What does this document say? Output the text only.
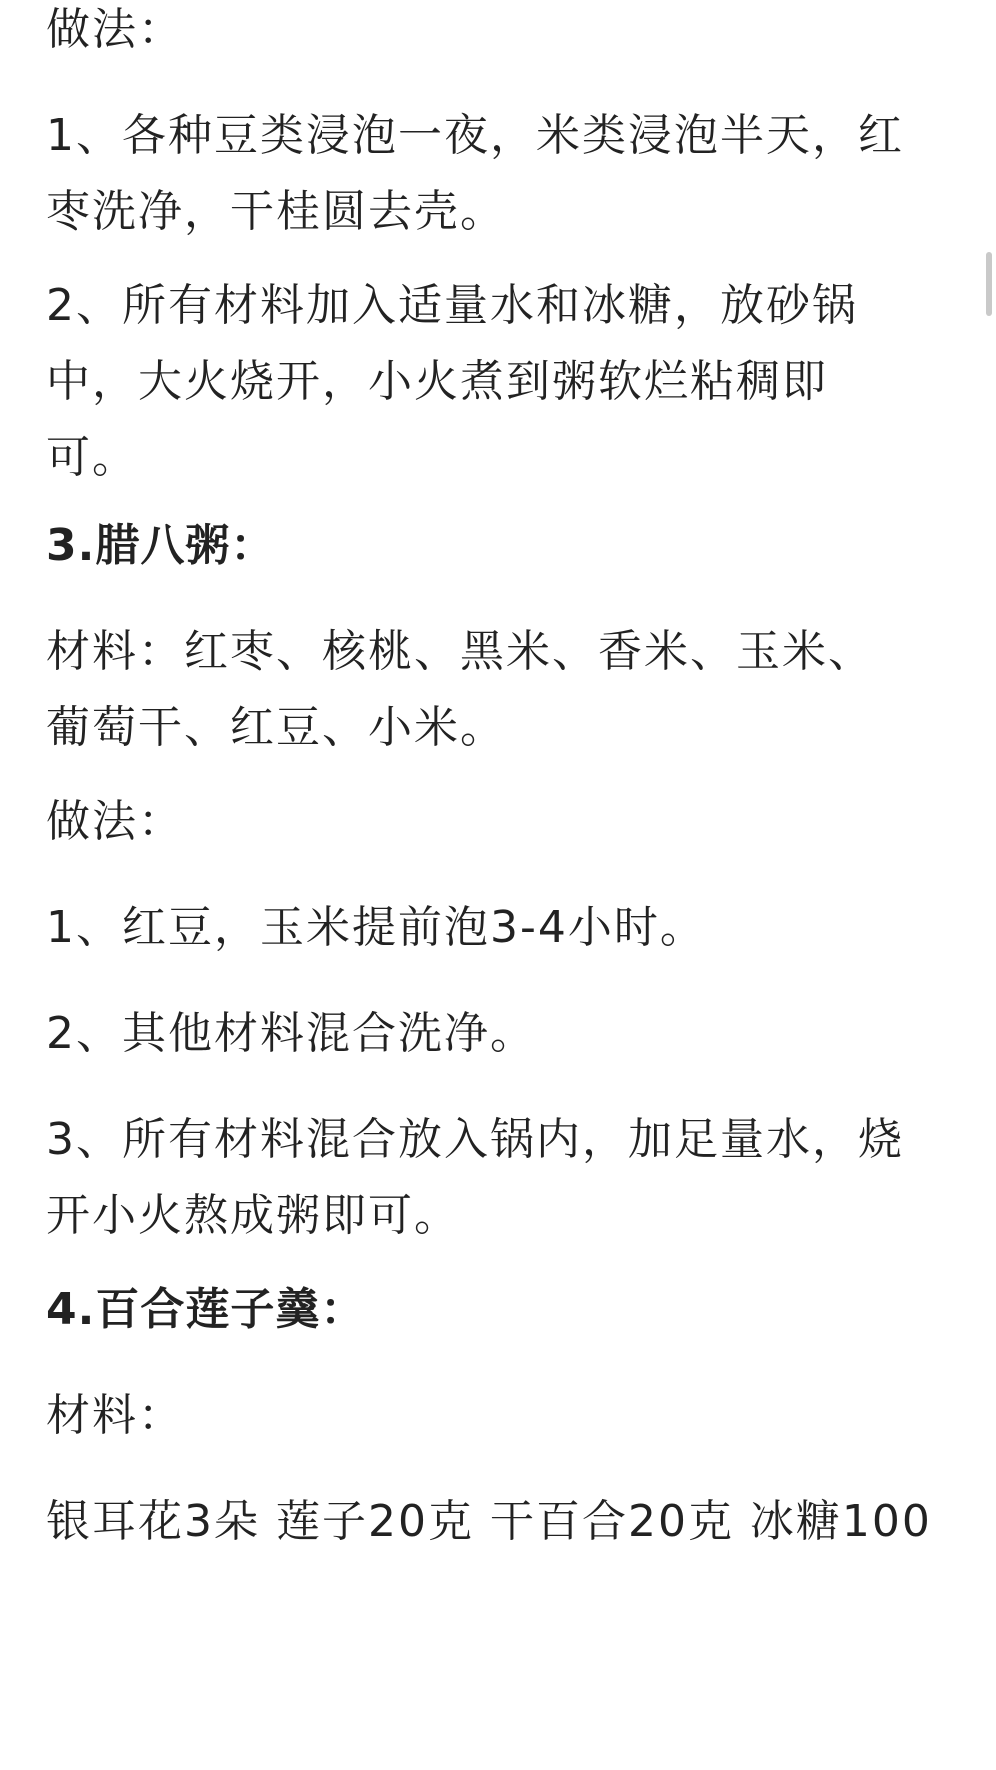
做法：

1、各种豆类浸泡一夜，米类浸泡半天，红
枣洗净，干桂圆去壳。

2、所有材料加入适量水和冰糖，放砂锅
中，大火烧开，小火煮到粥软烂粘稠即
可。

3.腊八粥：

材料：红枣、核桃、黑米、香米、玉米、
葡萄干、红豆、小米。

做法：

1、红豆，玉米提前泡3-4小时。

2、其他材料混合洗净。

3、所有材料混合放入锅内，加足量水，烧
开小火熬成粥即可。

4.百合莲子羹：

材料：

银耳花3朵 莲子20克 干百合20克 冰糖100
